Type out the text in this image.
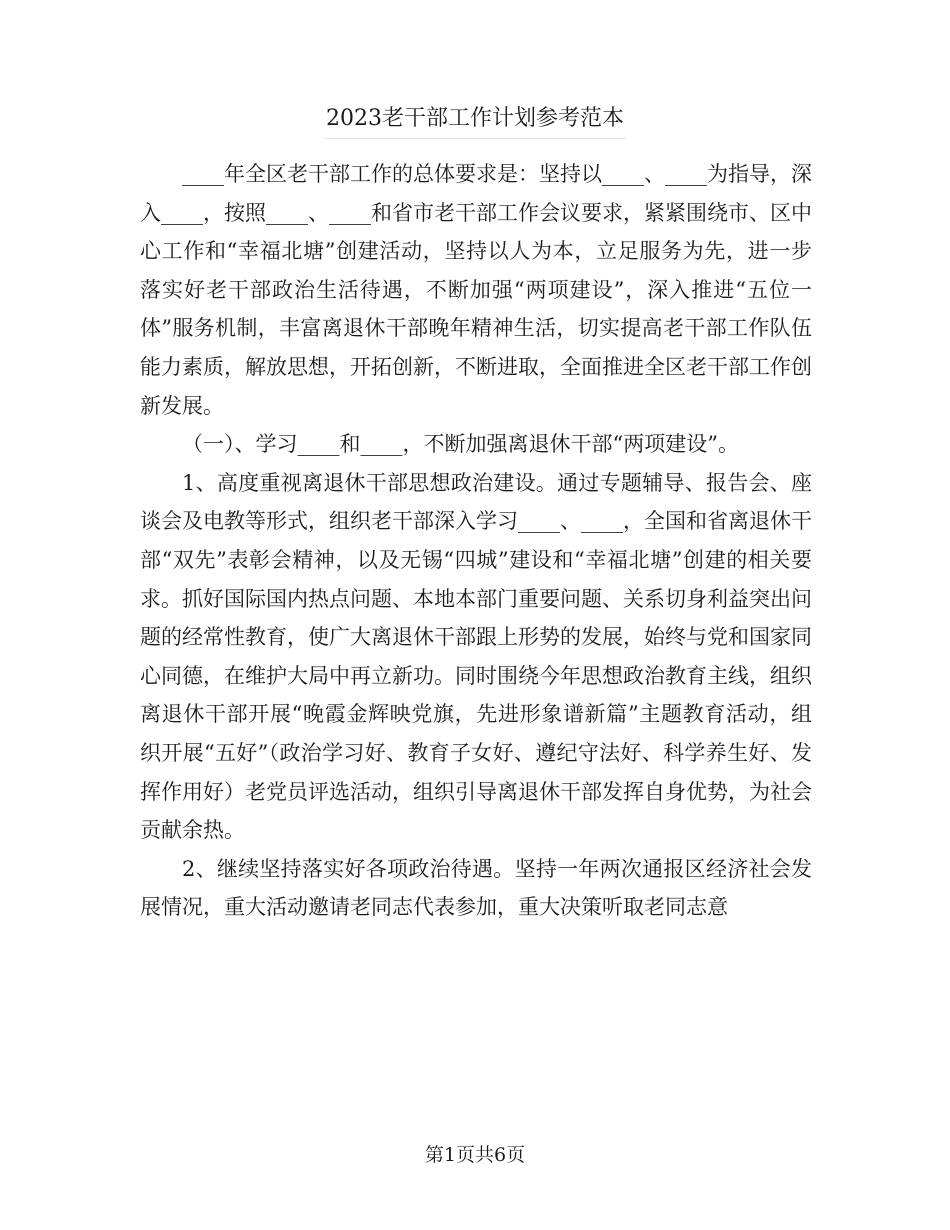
2023老干部工作计划参考范本

____年全区老干部工作的总体要求是：坚持以____、____为指导，深入____，按照____、____和省市老干部工作会议要求，紧紧围绕市、区中心工作和“幸福北塘”创建活动，坚持以人为本，立足服务为先，进一步落实好老干部政治生活待遇，不断加强“两项建设”，深入推进“五位一体”服务机制，丰富离退休干部晚年精神生活，切实提高老干部工作队伍能力素质，解放思想，开拓创新，不断进取，全面推进全区老干部工作创新发展。

（一）、学习____和____，不断加强离退休干部“两项建设”。

1、高度重视离退休干部思想政治建设。通过专题辅导、报告会、座谈会及电教等形式，组织老干部深入学习____、____，全国和省离退休干部“双先”表彰会精神，以及无锡“四城”建设和“幸福北塘”创建的相关要求。抓好国际国内热点问题、本地本部门重要问题、关系切身利益突出问题的经常性教育，使广大离退休干部跟上形势的发展，始终与党和国家同心同德，在维护大局中再立新功。同时围绕今年思想政治教育主线，组织离退休干部开展“晚霞金辉映党旗，先进形象谱新篇”主题教育活动，组织开展“五好”（政治学习好、教育子女好、遵纪守法好、科学养生好、发挥作用好）老党员评选活动，组织引导离退休干部发挥自身优势，为社会贡献余热。

2、继续坚持落实好各项政治待遇。坚持一年两次通报区经济社会发展情况，重大活动邀请老同志代表参加，重大决策听取老同志意

第1页共6页
